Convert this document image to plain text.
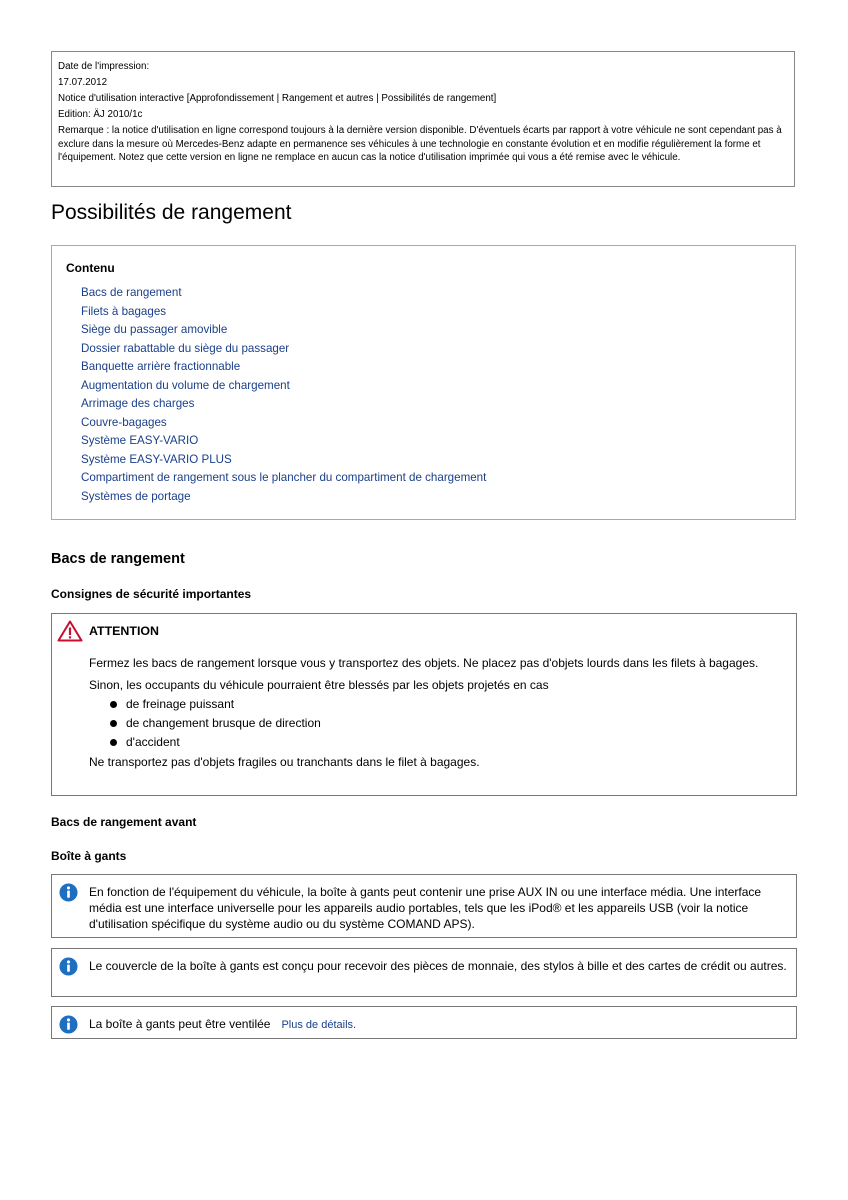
Date de l'impression:
17.07.2012
Notice d'utilisation interactive [Approfondissement | Rangement et autres | Possibilités de rangement]
Edition: ÄJ 2010/1c
Remarque : la notice d'utilisation en ligne correspond toujours à la dernière version disponible. D'éventuels écarts par rapport à votre véhicule ne sont cependant pas à exclure dans la mesure où Mercedes-Benz adapte en permanence ses véhicules à une technologie en constante évolution et en modifie régulièrement la forme et l'équipement. Notez que cette version en ligne ne remplace en aucun cas la notice d'utilisation imprimée qui vous a été remise avec le véhicule.
Possibilités de rangement
Contenu
Bacs de rangement
Filets à bagages
Siège du passager amovible
Dossier rabattable du siège du passager
Banquette arrière fractionnable
Augmentation du volume de chargement
Arrimage des charges
Couvre-bagages
Système EASY-VARIO
Système EASY-VARIO PLUS
Compartiment de rangement sous le plancher du compartiment de chargement
Systèmes de portage
Bacs de rangement
Consignes de sécurité importantes
ATTENTION

Fermez les bacs de rangement lorsque vous y transportez des objets. Ne placez pas d'objets lourds dans les filets à bagages.

Sinon, les occupants du véhicule pourraient être blessés par les objets projetés en cas

de freinage puissant
de changement brusque de direction
d'accident

Ne transportez pas d'objets fragiles ou tranchants dans le filet à bagages.

Bacs de rangement avant
Boîte à gants
En fonction de l'équipement du véhicule, la boîte à gants peut contenir une prise AUX IN ou une interface média. Une interface média est une interface universelle pour les appareils audio portables, tels que les iPod® et les appareils USB (voir la notice d'utilisation spécifique du système audio ou du système COMAND APS).
Le couvercle de la boîte à gants est conçu pour recevoir des pièces de monnaie, des stylos à bille et des cartes de crédit ou autres.
La boîte à gants peut être ventilée Plus de détails.
